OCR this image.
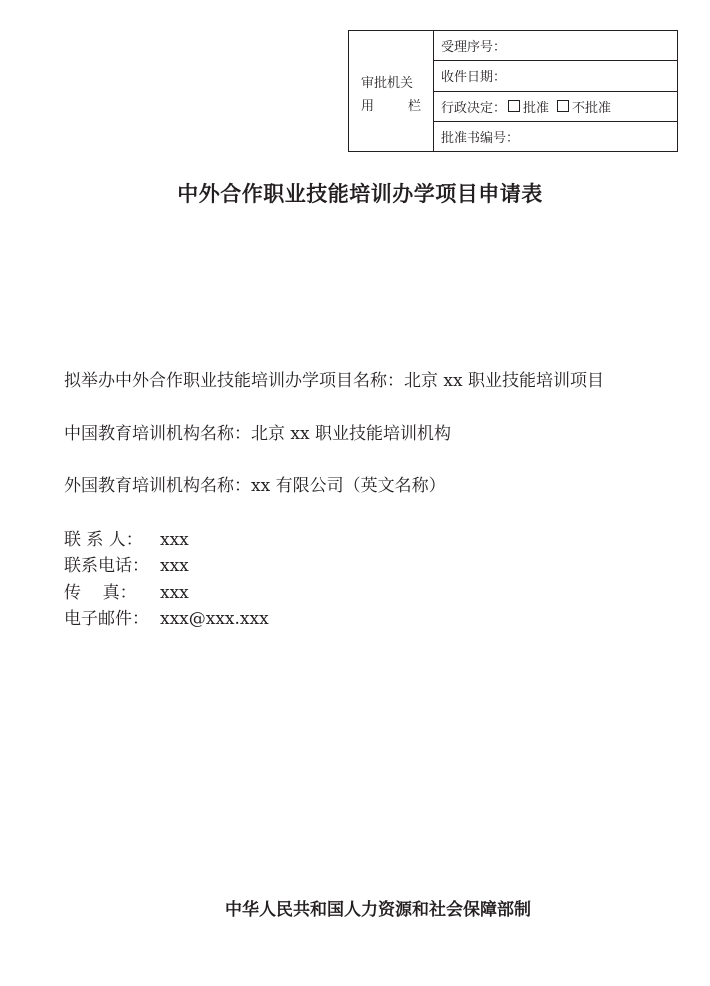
审批机关
用	栏
受理序号：
收件日期：
行政决定： 批准 不批准
批准书编号：
中外合作职业技能培训办学项目申请表
拟举办中外合作职业技能培训办学项目名称：北京 xx 职业技能培训项目
中国教育培训机构名称：北京 xx 职业技能培训机构
外国教育培训机构名称：xx 有限公司（英文名称）
联 系 人： xxx
联系电话： xxx
传    真： xxx
电子邮件： xxx@xxx.xxx
中华人民共和国人力资源和社会保障部制
